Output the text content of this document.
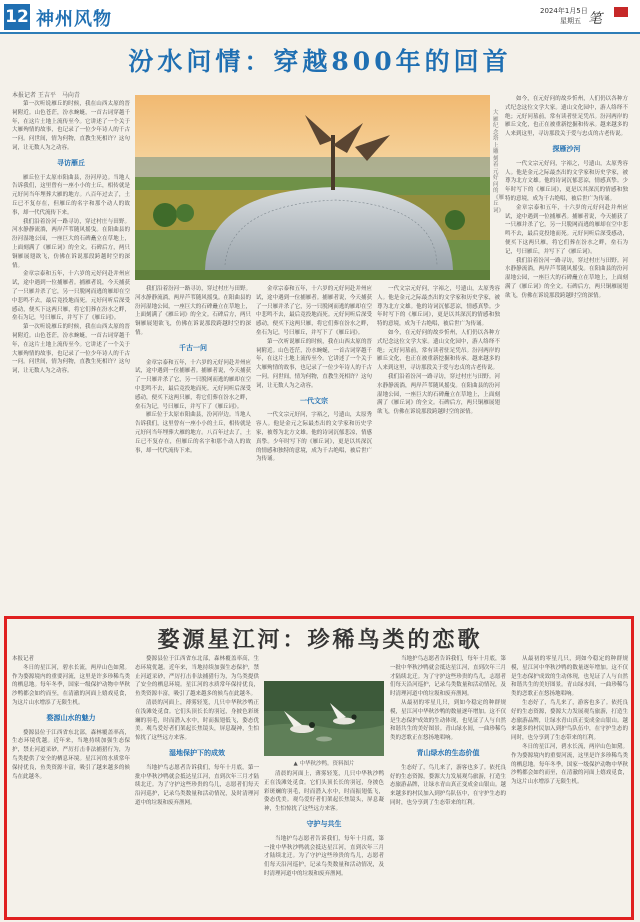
12 神州风物	2024年1月5日
星期五 笔
汾水问情：穿越800年的回首
本报记者 王吉平　马向青

第一次听说雁丘的时候，我在山西太原的晋祠附近。山色苍茫，汾水蜿蜒，一首古词穿越千年，在这片土地上流传至今。它讲述了一个关于大雁殉情的故事，也记录了一位少年诗人的千古一问。问世间，情为何物，直教生死相许？这句词，让无数人为之动容。

寻访雁丘

雁丘位于太原市阳曲县，汾河岸边。当地人告诉我们，这里曾有一座小小的土丘，相传就是元好问当年埋葬大雁的地方。八百年过去了，土丘已不复存在，但雁丘的名字和那个动人的故事，却一代代流传下来。

我们沿着汾河一路寻访，穿过村庄与田野。河水静静流淌，两岸芦苇随风摇曳。在阳曲县的汾河湿地公园，一座巨大的石碑矗立在草地上，上面刻满了《雁丘词》的全文。石碑后方，两只铜雁展翅欲飞，仿佛在诉说那段跨越时空的深情。

金章宗泰和五年，十六岁的元好问赴并州应试，途中遇到一位捕雁者。捕雁者说，今天捕获了一只雁并杀了它，另一只脱网而逃的雁却在空中悲鸣不去，最后竟投地而死。元好问听后深受感动，便买下这两只雁，将它们葬在汾水之畔，垒石为记，号曰雁丘，并写下了《雁丘词》。

第一次听说雁丘的时候，我在山西太原的晋祠附近。山色苍茫，汾水蜿蜒，一首古词穿越千年，在这片土地上流传至今。它讲述了一个关于大雁殉情的故事，也记录了一位少年诗人的千古一问。问世间，情为何物，直教生死相许？这句词，让无数人为之动容。

大雁纪念塔上雕刻着元好问的《雁丘词》

如今，在元好问的故乡忻州，人们仍以各种方式纪念这位文学大家。遗山文化园中，游人络绎不绝；元好问墓前，常有读者驻足凭吊。汾河两岸的雁丘文化，也正在被重新挖掘和传承。越来越多的人来到这里，寻访那段关于爱与忠贞的古老传说。

探雁沙河

一代文宗元好问，字裕之，号遗山，太原秀容人。他是金元之际最杰出的文学家和历史学家，被尊为北方文雄。他的诗词沉郁悲凉，情感真挚。少年时写下的《雁丘词》，更是以其深沉的情感和独特的意境，成为千古绝唱，被后世广为传诵。

金章宗泰和五年，十六岁的元好问赴并州应试，途中遇到一位捕雁者。捕雁者说，今天捕获了一只雁并杀了它，另一只脱网而逃的雁却在空中悲鸣不去，最后竟投地而死。元好问听后深受感动，便买下这两只雁，将它们葬在汾水之畔，垒石为记，号曰雁丘，并写下了《雁丘词》。

我们沿着汾河一路寻访，穿过村庄与田野。河水静静流淌，两岸芦苇随风摇曳。在阳曲县的汾河湿地公园，一座巨大的石碑矗立在草地上，上面刻满了《雁丘词》的全文。石碑后方，两只铜雁展翅欲飞，仿佛在诉说那段跨越时空的深情。

我们沿着汾河一路寻访，穿过村庄与田野。河水静静流淌，两岸芦苇随风摇曳。在阳曲县的汾河湿地公园，一座巨大的石碑矗立在草地上，上面刻满了《雁丘词》的全文。石碑后方，两只铜雁展翅欲飞，仿佛在诉说那段跨越时空的深情。

千古一问

金章宗泰和五年，十六岁的元好问赴并州应试，途中遇到一位捕雁者。捕雁者说，今天捕获了一只雁并杀了它，另一只脱网而逃的雁却在空中悲鸣不去，最后竟投地而死。元好问听后深受感动，便买下这两只雁，将它们葬在汾水之畔，垒石为记，号曰雁丘，并写下了《雁丘词》。

雁丘位于太原市阳曲县，汾河岸边。当地人告诉我们，这里曾有一座小小的土丘，相传就是元好问当年埋葬大雁的地方。八百年过去了，土丘已不复存在，但雁丘的名字和那个动人的故事，却一代代流传下来。

金章宗泰和五年，十六岁的元好问赴并州应试，途中遇到一位捕雁者。捕雁者说，今天捕获了一只雁并杀了它，另一只脱网而逃的雁却在空中悲鸣不去，最后竟投地而死。元好问听后深受感动，便买下这两只雁，将它们葬在汾水之畔，垒石为记，号曰雁丘，并写下了《雁丘词》。

第一次听说雁丘的时候，我在山西太原的晋祠附近。山色苍茫，汾水蜿蜒，一首古词穿越千年，在这片土地上流传至今。它讲述了一个关于大雁殉情的故事，也记录了一位少年诗人的千古一问。问世间，情为何物，直教生死相许？这句词，让无数人为之动容。

一代文宗

一代文宗元好问，字裕之，号遗山，太原秀容人。他是金元之际最杰出的文学家和历史学家，被尊为北方文雄。他的诗词沉郁悲凉，情感真挚。少年时写下的《雁丘词》，更是以其深沉的情感和独特的意境，成为千古绝唱，被后世广为传诵。

一代文宗元好问，字裕之，号遗山，太原秀容人。他是金元之际最杰出的文学家和历史学家，被尊为北方文雄。他的诗词沉郁悲凉，情感真挚。少年时写下的《雁丘词》，更是以其深沉的情感和独特的意境，成为千古绝唱，被后世广为传诵。

如今，在元好问的故乡忻州，人们仍以各种方式纪念这位文学大家。遗山文化园中，游人络绎不绝；元好问墓前，常有读者驻足凭吊。汾河两岸的雁丘文化，也正在被重新挖掘和传承。越来越多的人来到这里，寻访那段关于爱与忠贞的古老传说。

我们沿着汾河一路寻访，穿过村庄与田野。河水静静流淌，两岸芦苇随风摇曳。在阳曲县的汾河湿地公园，一座巨大的石碑矗立在草地上，上面刻满了《雁丘词》的全文。石碑后方，两只铜雁展翅欲飞，仿佛在诉说那段跨越时空的深情。

婺源星江河：珍稀鸟类的恋歌

本报记者

冬日的星江河，碧水长流，两岸山色如黛。作为婺源境内的重要河流，这里是许多珍稀鸟类的栖息地。每年冬季，国家一级保护动物中华秋沙鸭都会如约而至，在清澈的河面上嬉戏觅食，为这片山水增添了无限生机。

婺源山水的魅力

婺源县位于江西省东北部，森林覆盖率高，生态环境优越。近年来，当地持续加强生态保护，禁止河道采砂，严厉打击非法捕猎行为，为鸟类提供了安全的栖息环境。星江河的水质常年保持优良，鱼类资源丰富，吸引了越来越多的候鸟在此越冬。

婺源县位于江西省东北部，森林覆盖率高，生态环境优越。近年来，当地持续加强生态保护，禁止河道采砂，严厉打击非法捕猎行为，为鸟类提供了安全的栖息环境。星江河的水质常年保持优良，鱼类资源丰富，吸引了越来越多的候鸟在此越冬。

清晨的河面上，薄雾轻笼，几只中华秋沙鸭正在浅滩处觅食。它们头顶长长的羽冠，身披色彩斑斓的羽毛，时而潜入水中，时而振翅低飞，姿态优美。观鸟爱好者们架起长焦镜头，屏息凝神，生怕惊扰了这些远方来客。

湿地保护下的成效

当地护鸟志愿者告诉我们，每年十月底，第一批中华秋沙鸭就会抵达星江河，直到次年三月才陆续北迁。为了守护这些珍贵的鸟儿，志愿者们每天沿河巡护，记录鸟类数量和活动情况，及时清理河道中的垃圾和废弃渔网。

▲ 中华秋沙鸭。资料图片

清晨的河面上，薄雾轻笼，几只中华秋沙鸭正在浅滩处觅食。它们头顶长长的羽冠，身披色彩斑斓的羽毛，时而潜入水中，时而振翅低飞，姿态优美。观鸟爱好者们架起长焦镜头，屏息凝神，生怕惊扰了这些远方来客。

守护与共生

当地护鸟志愿者告诉我们，每年十月底，第一批中华秋沙鸭就会抵达星江河，直到次年三月才陆续北迁。为了守护这些珍贵的鸟儿，志愿者们每天沿河巡护，记录鸟类数量和活动情况，及时清理河道中的垃圾和废弃渔网。

当地护鸟志愿者告诉我们，每年十月底，第一批中华秋沙鸭就会抵达星江河，直到次年三月才陆续北迁。为了守护这些珍贵的鸟儿，志愿者们每天沿河巡护，记录鸟类数量和活动情况，及时清理河道中的垃圾和废弃渔网。

从最初的零星几只，到如今稳定的种群规模，星江河中华秋沙鸭的数量逐年增加。这不仅是生态保护成效的生动体现，也见证了人与自然和谐共生的美好图景。青山绿水间，一曲珍稀鸟类的恋歌正在悠扬地唱响。

青山绿水的生态价值

生态好了，鸟儿来了，游客也多了。依托良好的生态资源，婺源大力发展观鸟旅游，打造生态旅游品牌，让绿水青山真正变成金山银山。越来越多的村民加入到护鸟队伍中，在守护生态的同时，也分享到了生态带来的红利。

从最初的零星几只，到如今稳定的种群规模，星江河中华秋沙鸭的数量逐年增加。这不仅是生态保护成效的生动体现，也见证了人与自然和谐共生的美好图景。青山绿水间，一曲珍稀鸟类的恋歌正在悠扬地唱响。

生态好了，鸟儿来了，游客也多了。依托良好的生态资源，婺源大力发展观鸟旅游，打造生态旅游品牌，让绿水青山真正变成金山银山。越来越多的村民加入到护鸟队伍中，在守护生态的同时，也分享到了生态带来的红利。

冬日的星江河，碧水长流，两岸山色如黛。作为婺源境内的重要河流，这里是许多珍稀鸟类的栖息地。每年冬季，国家一级保护动物中华秋沙鸭都会如约而至，在清澈的河面上嬉戏觅食，为这片山水增添了无限生机。
